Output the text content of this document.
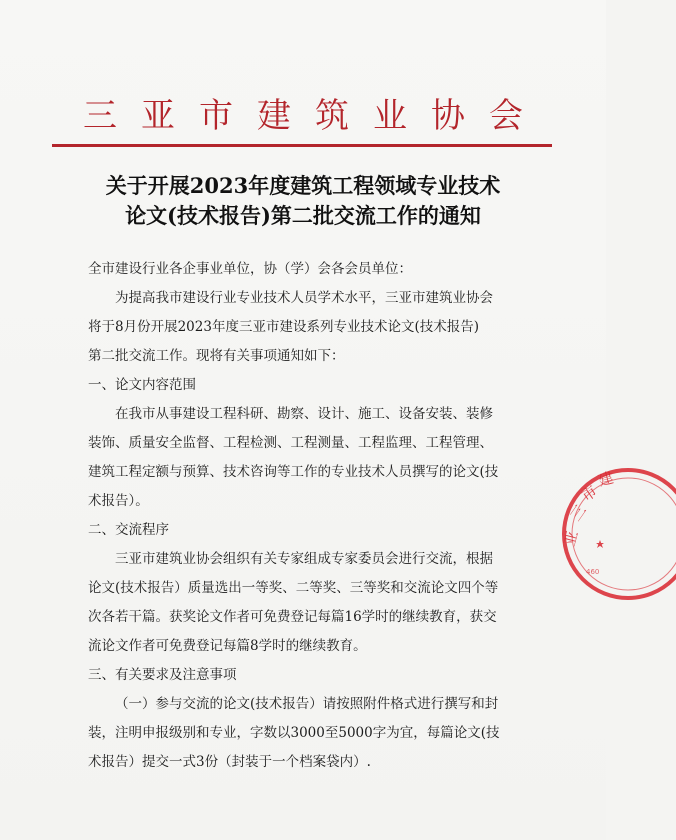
三亚市建筑业协会
关于开展2023年度建筑工程领域专业技术
论文(技术报告)第二批交流工作的通知
全市建设行业各企事业单位，协（学）会各会员单位：
为提高我市建设行业专业技术人员学术水平，三亚市建筑业协会
将于8月份开展2023年度三亚市建设系列专业技术论文(技术报告)
第二批交流工作。现将有关事项通知如下：
一、论文内容范围
在我市从事建设工程科研、勘察、设计、施工、设备安装、装修
装饰、质量安全监督、工程检测、工程测量、工程监理、工程管理、
建筑工程定额与预算、技术咨询等工作的专业技术人员撰写的论文(技
术报告）。
二、交流程序
三亚市建筑业协会组织有关专家组成专家委员会进行交流，根据
论文(技术报告）质量选出一等奖、二等奖、三等奖和交流论文四个等
次各若干篇。获奖论文作者可免费登记每篇16学时的继续教育，获交
流论文作者可免费登记每篇8学时的继续教育。
三、有关要求及注意事项
（一）参与交流的论文(技术报告）请按照附件格式进行撰写和封
装，注明申报级别和专业，字数以3000至5000字为宜，每篇论文(技
术报告）提交一式3份（封装于一个档案袋内）.
三
亚
市
建
460
